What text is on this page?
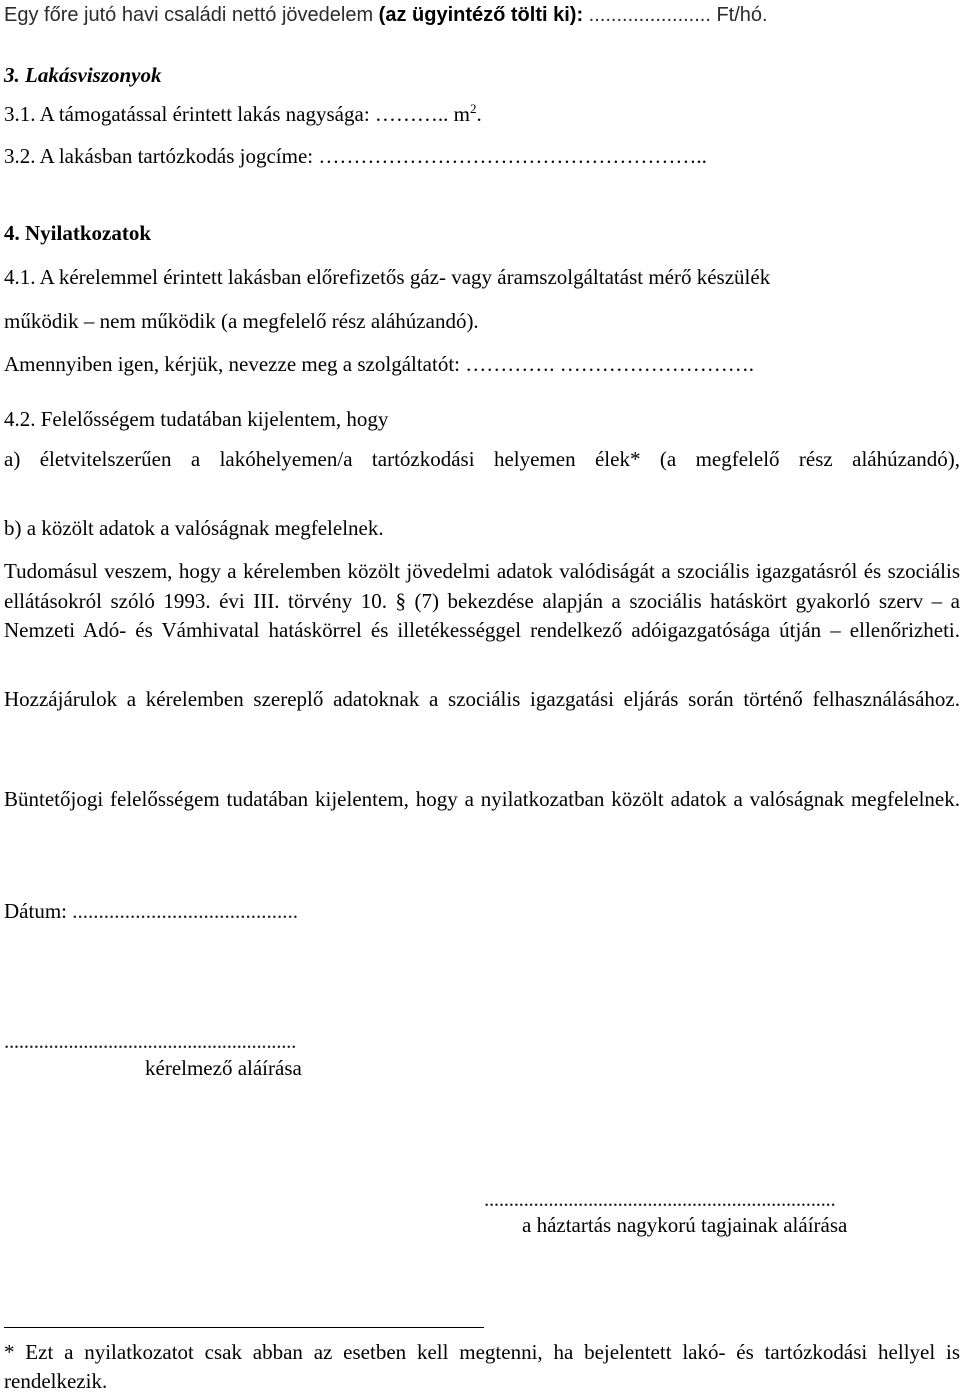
Egy főre jutó havi családi nettó jövedelem (az ügyintéző tölti ki): ...................... Ft/hó.
3. Lakásviszonyok
3.1. A támogatással érintett lakás nagysága: ……….. $m^2$.
3.2. A lakásban tartózkodás jogcíme: ………………………………………………..
4. Nyilatkozatok
4.1. A kérelemmel érintett lakásban előrefizetős gáz- vagy áramszolgáltatást mérő készülék
működik – nem működik (a megfelelő rész aláhúzandó).
Amennyiben igen, kérjük, nevezze meg a szolgáltatót: …………. ……………………….
4.2. Felelősségem tudatában kijelentem, hogy
a) életvitelszerűen a lakóhelyemen/a tartózkodási helyemen élek* (a megfelelő rész aláhúzandó),
b) a közölt adatok a valóságnak megfelelnek.
Tudomásul veszem, hogy a kérelemben közölt jövedelmi adatok valódiságát a szociális igazgatásról és szociális ellátásokról szóló 1993. évi III. törvény 10. § (7) bekezdése alapján a szociális hatáskört gyakorló szerv – a Nemzeti Adó- és Vámhivatal hatáskörrel és illetékességgel rendelkező adóigazgatósága útján – ellenőrizheti.
Hozzájárulok a kérelemben szereplő adatoknak a szociális igazgatási eljárás során történő felhasználásához.
Büntetőjogi felelősségem tudatában kijelentem, hogy a nyilatkozatban közölt adatok a valóságnak megfelelnek.
Dátum: ...........................................
...........................................................
kérelmező aláírása
.......................................................................
a háztartás nagykorú tagjainak aláírása
* Ezt a nyilatkozatot csak abban az esetben kell megtenni, ha bejelentett lakó- és tartózkodási hellyel is rendelkezik.
